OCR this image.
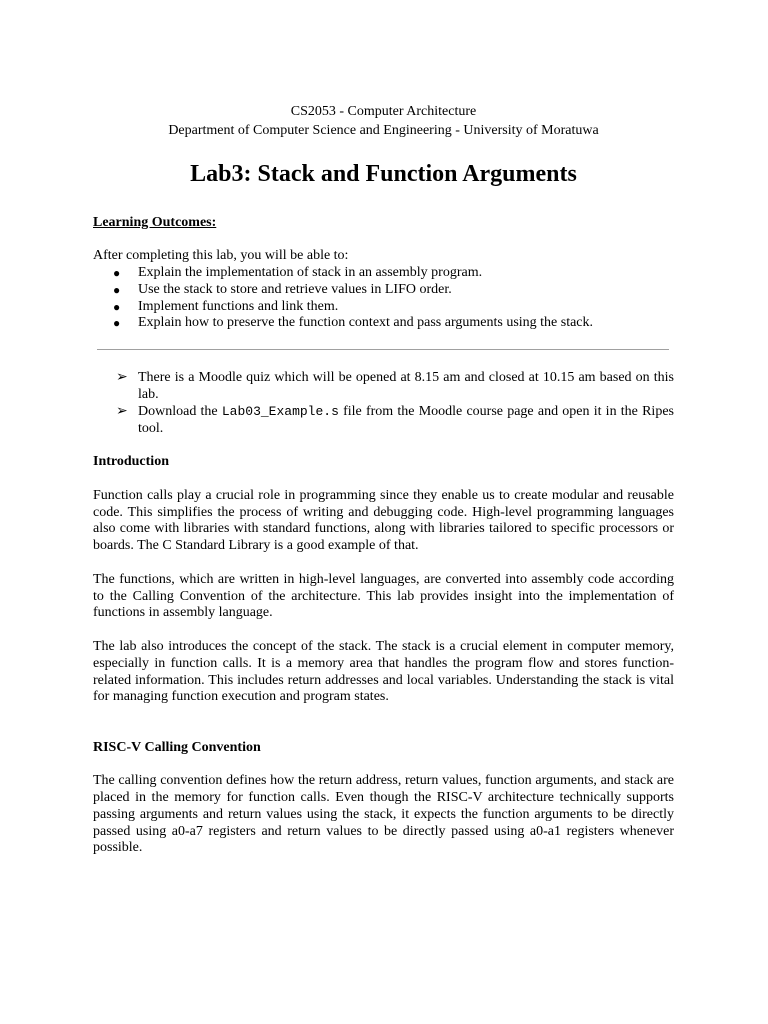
CS2053 - Computer Architecture

Department of Computer Science and Engineering - University of Moratuwa

Lab3: Stack and Function Arguments

Learning Outcomes:

After completing this lab, you will be able to:

● Explain the implementation of stack in an assembly program.
● Use the stack to store and retrieve values in LIFO order.
● Implement functions and link them.
● Explain how to preserve the function context and pass arguments using the stack.
➢ There is a Moodle quiz which will be opened at 8.15 am and closed at 10.15 am based on this lab.
➢ Download the Lab03_Example.s file from the Moodle course page and open it in the Ripes tool.

Introduction

Function calls play a crucial role in programming since they enable us to create modular and reusable code. This simplifies the process of writing and debugging code. High-level programming languages also come with libraries with standard functions, along with libraries tailored to specific processors or boards. The C Standard Library is a good example of that.

The functions, which are written in high-level languages, are converted into assembly code according to the Calling Convention of the architecture. This lab provides insight into the implementation of functions in assembly language.

The lab also introduces the concept of the stack. The stack is a crucial element in computer memory, especially in function calls. It is a memory area that handles the program flow and stores function-related information. This includes return addresses and local variables. Understanding the stack is vital for managing function execution and program states.

RISC-V Calling Convention

The calling convention defines how the return address, return values, function arguments, and stack are placed in the memory for function calls. Even though the RISC-V architecture technically supports passing arguments and return values using the stack, it expects the function arguments to be directly passed using a0-a7 registers and return values to be directly passed using a0-a1 registers whenever possible.
